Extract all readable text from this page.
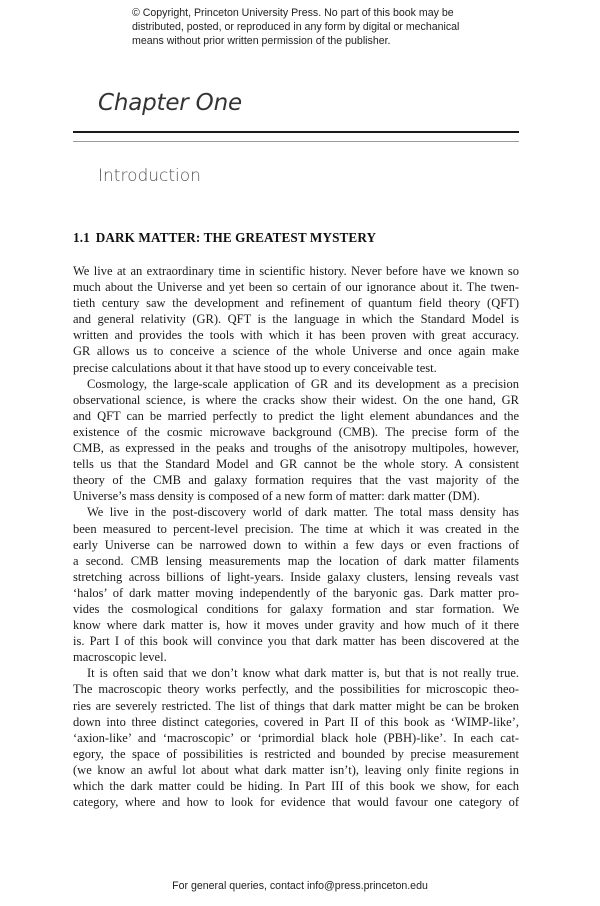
© Copyright, Princeton University Press. No part of this book may be
distributed, posted, or reproduced in any form by digital or mechanical
means without prior written permission of the publisher.
Chapter One
Introduction
1.1 DARK MATTER: THE GREATEST MYSTERY
We live at an extraordinary time in scientific history. Never before have we known so
much about the Universe and yet been so certain of our ignorance about it. The twen-
tieth century saw the development and refinement of quantum field theory (QFT)
and general relativity (GR). QFT is the language in which the Standard Model is
written and provides the tools with which it has been proven with great accuracy.
GR allows us to conceive a science of the whole Universe and once again make
precise calculations about it that have stood up to every conceivable test.
Cosmology, the large-scale application of GR and its development as a precision
observational science, is where the cracks show their widest. On the one hand, GR
and QFT can be married perfectly to predict the light element abundances and the
existence of the cosmic microwave background (CMB). The precise form of the
CMB, as expressed in the peaks and troughs of the anisotropy multipoles, however,
tells us that the Standard Model and GR cannot be the whole story. A consistent
theory of the CMB and galaxy formation requires that the vast majority of the
Universe’s mass density is composed of a new form of matter: dark matter (DM).
We live in the post-discovery world of dark matter. The total mass density has
been measured to percent-level precision. The time at which it was created in the
early Universe can be narrowed down to within a few days or even fractions of
a second. CMB lensing measurements map the location of dark matter filaments
stretching across billions of light-years. Inside galaxy clusters, lensing reveals vast
‘halos’ of dark matter moving independently of the baryonic gas. Dark matter pro-
vides the cosmological conditions for galaxy formation and star formation. We
know where dark matter is, how it moves under gravity and how much of it there
is. Part I of this book will convince you that dark matter has been discovered at the
macroscopic level.
It is often said that we don’t know what dark matter is, but that is not really true.
The macroscopic theory works perfectly, and the possibilities for microscopic theo-
ries are severely restricted. The list of things that dark matter might be can be broken
down into three distinct categories, covered in Part II of this book as ‘WIMP-like’,
‘axion-like’ and ‘macroscopic’ or ‘primordial black hole (PBH)-like’. In each cat-
egory, the space of possibilities is restricted and bounded by precise measurement
(we know an awful lot about what dark matter isn’t), leaving only finite regions in
which the dark matter could be hiding. In Part III of this book we show, for each
category, where and how to look for evidence that would favour one category of
For general queries, contact info@press.princeton.edu
